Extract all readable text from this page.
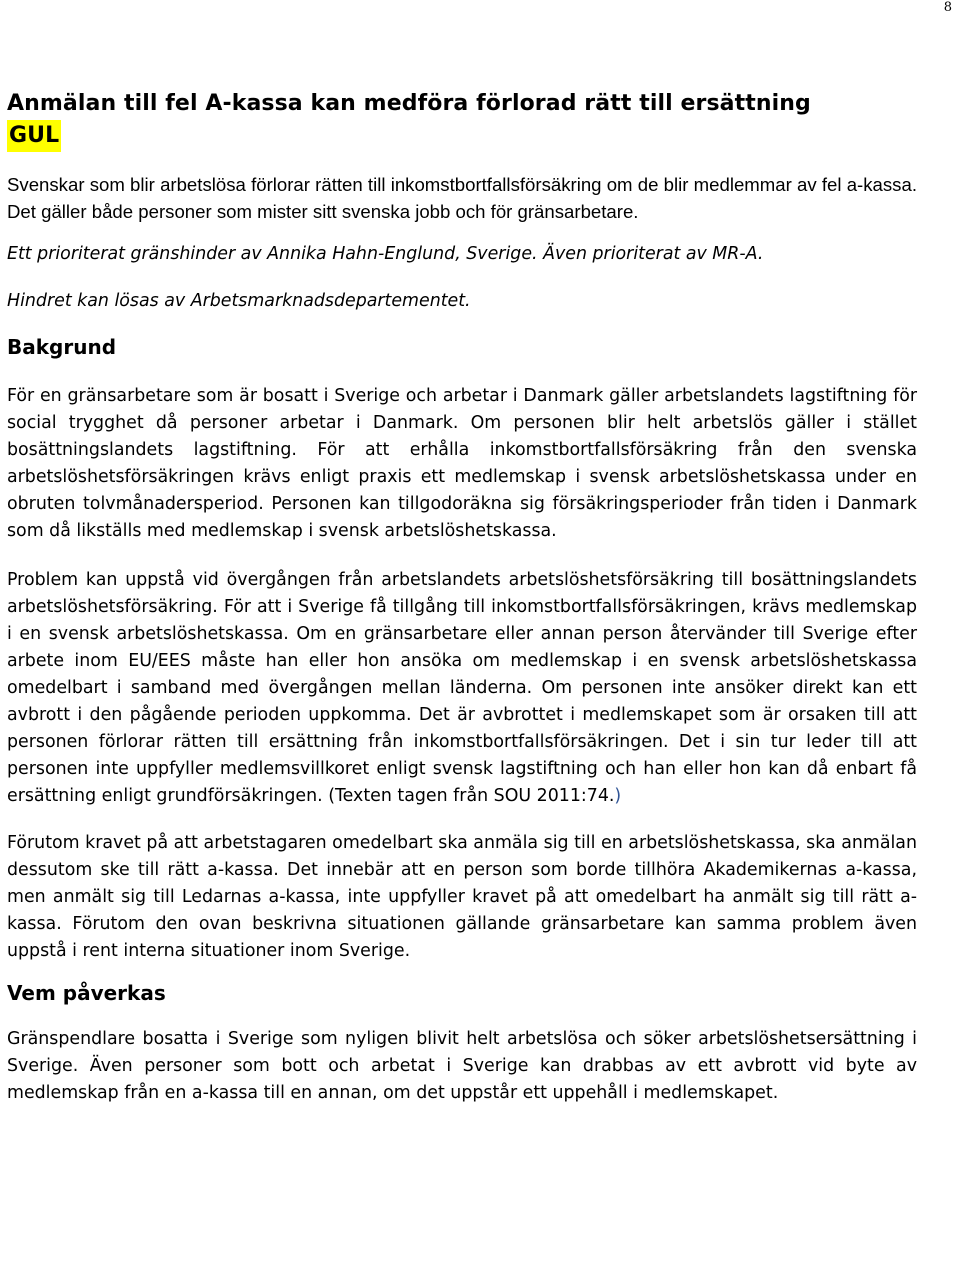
8
Anmälan till fel A-kassa kan medföra förlorad rätt till ersättning
GUL

Svenskar som blir arbetslösa förlorar rätten till inkomstbortfallsförsäkring om de blir medlemmar av fel a-kassa. Det gäller både personer som mister sitt svenska jobb och för gränsarbetare.

Ett prioriterat gränshinder av Annika Hahn-Englund, Sverige. Även prioriterat av MR-A.

Hindret kan lösas av Arbetsmarknadsdepartementet.

Bakgrund

För en gränsarbetare som är bosatt i Sverige och arbetar i Danmark gäller arbetslandets lagstiftning för social trygghet då personer arbetar i Danmark. Om personen blir helt arbetslös gäller i stället bosättningslandets lagstiftning. För att erhålla inkomstbortfallsförsäkring från den svenska arbetslöshetsförsäkringen krävs enligt praxis ett medlemskap i svensk arbetslöshetskassa under en obruten tolvmånadersperiod. Personen kan tillgodoräkna sig försäkringsperioder från tiden i Danmark som då likställs med medlemskap i svensk arbetslöshetskassa.

Problem kan uppstå vid övergången från arbetslandets arbetslöshetsförsäkring till bosättningslandets arbetslöshetsförsäkring. För att i Sverige få tillgång till inkomstbortfallsförsäkringen, krävs medlemskap i en svensk arbetslöshetskassa. Om en gränsarbetare eller annan person återvänder till Sverige efter arbete inom EU/EES måste han eller hon ansöka om medlemskap i en svensk arbetslöshetskassa omedelbart i samband med övergången mellan länderna. Om personen inte ansöker direkt kan ett avbrott i den pågående perioden uppkomma. Det är avbrottet i medlemskapet som är orsaken till att personen förlorar rätten till ersättning från inkomstbortfallsförsäkringen. Det i sin tur leder till att personen inte uppfyller medlemsvillkoret enligt svensk lagstiftning och han eller hon kan då enbart få ersättning enligt grundförsäkringen. (Texten tagen från SOU 2011:74.)

Förutom kravet på att arbetstagaren omedelbart ska anmäla sig till en arbetslöshetskassa, ska anmälan dessutom ske till rätt a-kassa. Det innebär att en person som borde tillhöra Akademikernas a-kassa, men anmält sig till Ledarnas a-kassa, inte uppfyller kravet på att omedelbart ha anmält sig till rätt a-kassa. Förutom den ovan beskrivna situationen gällande gränsarbetare kan samma problem även uppstå i rent interna situationer inom Sverige.

Vem påverkas

Gränspendlare bosatta i Sverige som nyligen blivit helt arbetslösa och söker arbetslöshetsersättning i Sverige. Även personer som bott och arbetat i Sverige kan drabbas av ett avbrott vid byte av medlemskap från en a-kassa till en annan, om det uppstår ett uppehåll i medlemskapet.
